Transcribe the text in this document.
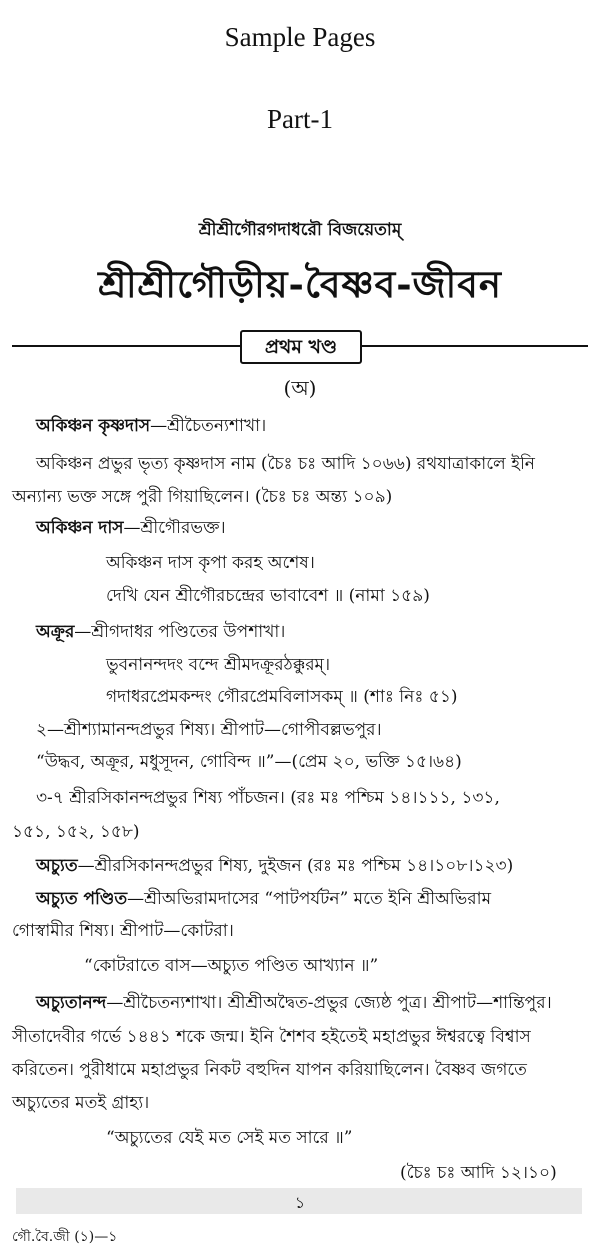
Sample Pages
Part-1
শ্রীশ্রীগৌরগদাধরৌ বিজয়েতাম্
শ্রীশ্রীগৌড়ীয়-বৈষ্ণব-জীবন
প্রথম খণ্ড
(অ)
অকিঞ্চন কৃষ্ণদাস—শ্রীচৈতন্যশাখা।
অকিঞ্চন প্রভুর ভৃত্য কৃষ্ণদাস নাম (চৈঃ চঃ আদি ১০৬৬) রথযাত্রাকালে ইনি
অন্যান্য ভক্ত সঙ্গে পুরী গিয়াছিলেন। (চৈঃ চঃ অন্ত্য ১০৯)
অকিঞ্চন দাস—শ্রীগৌরভক্ত।
অকিঞ্চন দাস কৃপা করহ অশেষ।
দেখি যেন শ্রীগৌরচন্দ্রের ভাবাবেশ ॥ (নামা ১৫৯)
অক্রূর—শ্রীগদাধর পণ্ডিতের উপশাখা।
ভুবনানন্দদং বন্দে শ্রীমদক্রূরঠক্কুরম্।
গদাধরপ্রেমকন্দং গৌরপ্রেমবিলাসকম্ ॥ (শাঃ নিঃ ৫১)
২—শ্রীশ্যামানন্দপ্রভুর শিষ্য। শ্রীপাট—গোপীবল্লভপুর।
“উদ্ধব, অক্রূর, মধুসূদন, গোবিন্দ ॥”—(প্রেম ২০, ভক্তি ১৫।৬৪)
৩-৭ শ্রীরসিকানন্দপ্রভুর শিষ্য পাঁচজন। (রঃ মঃ পশ্চিম ১৪।১১১, ১৩১,
১৫১, ১৫২, ১৫৮)
অচ্যুত—শ্রীরসিকানন্দপ্রভুর শিষ্য, দুইজন (রঃ মঃ পশ্চিম ১৪।১০৮।১২৩)
অচ্যুত পণ্ডিত—শ্রীঅভিরামদাসের “পাটপর্যটন” মতে ইনি শ্রীঅভিরাম
গোস্বামীর শিষ্য। শ্রীপাট—কোটরা।
“কোটরাতে বাস—অচ্যুত পণ্ডিত আখ্যান ॥”
অচ্যুতানন্দ—শ্রীচৈতন্যশাখা। শ্রীশ্রীঅদ্বৈত-প্রভুর জ্যেষ্ঠ পুত্র। শ্রীপাট—শান্তিপুর।
সীতাদেবীর গর্ভে ১৪৪১ শকে জন্ম। ইনি শৈশব হইতেই মহাপ্রভুর ঈশ্বরত্বে বিশ্বাস
করিতেন। পুরীধামে মহাপ্রভুর নিকট বহুদিন যাপন করিয়াছিলেন। বৈষ্ণব জগতে
অচ্যুতের মতই গ্রাহ্য।
“অচ্যুতের যেই মত সেই মত সারে ॥”
(চৈঃ চঃ আদি ১২।১০)
১
গৌ.বৈ.জী (১)—১
